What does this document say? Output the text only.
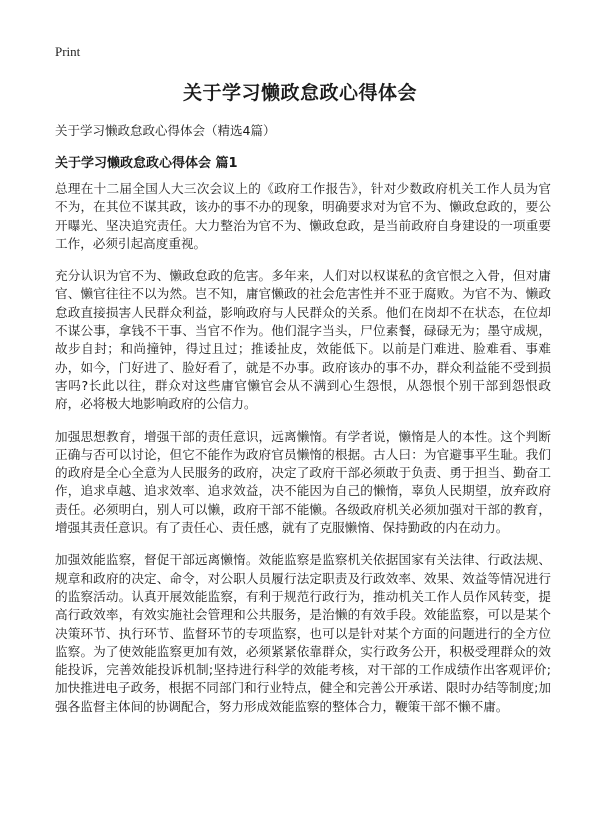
Print
关于学习懒政怠政心得体会

关于学习懒政怠政心得体会（精选4篇）

关于学习懒政怠政心得体会 篇1

总理在十二届全国人大三次会议上的《政府工作报告》，针对少数政府机关工作人员为官不为，在其位不谋其政，该办的事不办的现象，明确要求对为官不为、懒政怠政的，要公开曝光、坚决追究责任。大力整治为官不为、懒政怠政，是当前政府自身建设的一项重要工作，必须引起高度重视。

充分认识为官不为、懒政怠政的危害。多年来，人们对以权谋私的贪官恨之入骨，但对庸官、懒官往往不以为然。岂不知，庸官懒政的社会危害性并不亚于腐败。为官不为、懒政怠政直接损害人民群众利益，影响政府与人民群众的关系。他们在岗却不在状态，在位却不谋公事，拿钱不干事、当官不作为。他们混字当头，尸位素餐，碌碌无为；墨守成规，故步自封；和尚撞钟，得过且过；推诿扯皮，效能低下。以前是门难进、脸难看、事难办，如今，门好进了、脸好看了，就是不办事。政府该办的事不办，群众利益能不受到损害吗?长此以往，群众对这些庸官懒官会从不满到心生怨恨，从怨恨个别干部到怨恨政府，必将极大地影响政府的公信力。

加强思想教育，增强干部的责任意识，远离懒惰。有学者说，懒惰是人的本性。这个判断正确与否可以讨论，但它不能作为政府官员懒惰的根据。古人曰：为官避事平生耻。我们的政府是全心全意为人民服务的政府，决定了政府干部必须敢于负责、勇于担当、勤奋工作，追求卓越、追求效率、追求效益，决不能因为自己的懒惰，辜负人民期望，放弃政府责任。必须明白，别人可以懒，政府干部不能懒。各级政府机关必须加强对干部的教育，增强其责任意识。有了责任心、责任感，就有了克服懒惰、保持勤政的内在动力。

加强效能监察，督促干部远离懒惰。效能监察是监察机关依据国家有关法律、行政法规、规章和政府的决定、命令，对公职人员履行法定职责及行政效率、效果、效益等情况进行的监察活动。认真开展效能监察，有利于规范行政行为，推动机关工作人员作风转变，提高行政效率，有效实施社会管理和公共服务，是治懒的有效手段。效能监察，可以是某个决策环节、执行环节、监督环节的专项监察，也可以是针对某个方面的问题进行的全方位监察。为了使效能监察更加有效，必须紧紧依靠群众，实行政务公开，积极受理群众的效能投诉，完善效能投诉机制;坚持进行科学的效能考核，对干部的工作成绩作出客观评价;加快推进电子政务，根据不同部门和行业特点，健全和完善公开承诺、限时办结等制度;加强各监督主体间的协调配合，努力形成效能监察的整体合力，鞭策干部不懒不庸。
